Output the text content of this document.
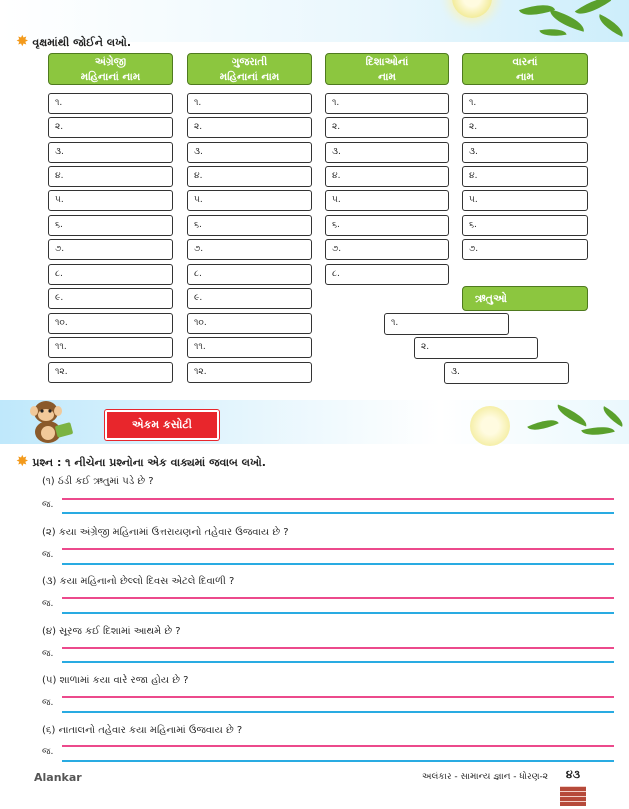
✸ વૃક્ષમાંથી જોઈને લખો.
અંગ્રેજી
મહિનાનાં નામ
૧.
૨.
૩.
૪.
૫.
૬.
૭.
૮.
૯.
૧૦.
૧૧.
૧૨.
ગુજરાતી
મહિનાનાં નામ
૧.
૨.
૩.
૪.
૫.
૬.
૭.
૮.
૯.
૧૦.
૧૧.
૧૨.
દિશાઓનાં
નામ
૧.
૨.
૩.
૪.
૫.
૬.
૭.
૮.
વારનાં
નામ
૧.
૨.
૩.
૪.
૫.
૬.
૭.
ઋતુઓ
૧.
૨.
૩.
એકમ કસોટી
✸ પ્રશ્ન : ૧ નીચેના પ્રશ્નોના એક વાક્યમાં જવાબ લખો.
(૧) ઠંડી કઈ ઋતુમાં પડે છે ?
જ.
(૨) કયા અંગ્રેજી મહિનામાં ઉત્તરાયણનો તહેવાર ઉજવાય છે ?
જ.
(૩) કયા મહિનાનો છેલ્લો દિવસ એટલે દિવાળી ?
જ.
(૪) સૂરજ કઈ દિશામાં આથમે છે ?
જ.
(૫) શાળામાં કયા વારે રજા હોય છે ?
જ.
(૬) નાતાલનો તહેવાર કયા મહિનામાં ઉજવાય છે ?
જ.
Alankar	અલંકાર - સામાન્ય જ્ઞાન - ધોરણ-૨	૪૩
